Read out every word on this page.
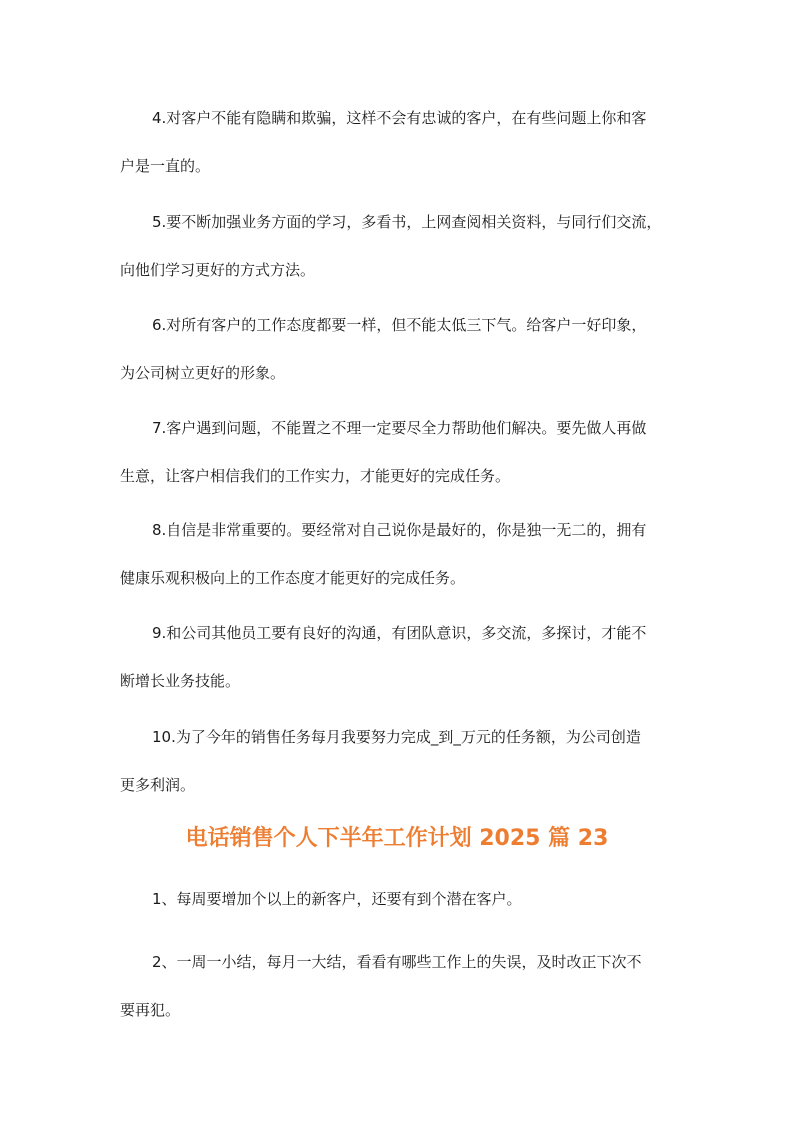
4.对客户不能有隐瞒和欺骗，这样不会有忠诚的客户，在有些问题上你和客
户是一直的。
5.要不断加强业务方面的学习，多看书，上网查阅相关资料，与同行们交流，
向他们学习更好的方式方法。
6.对所有客户的工作态度都要一样，但不能太低三下气。给客户一好印象，
为公司树立更好的形象。
7.客户遇到问题，不能置之不理一定要尽全力帮助他们解决。要先做人再做
生意，让客户相信我们的工作实力，才能更好的完成任务。
8.自信是非常重要的。要经常对自己说你是最好的，你是独一无二的，拥有
健康乐观积极向上的工作态度才能更好的完成任务。
9.和公司其他员工要有良好的沟通，有团队意识，多交流，多探讨，才能不
断增长业务技能。
10.为了今年的销售任务每月我要努力完成_到_万元的任务额，为公司创造
更多利润。
电话销售个人下半年工作计划 2025 篇 23
1、每周要增加个以上的新客户，还要有到个潜在客户。
2、一周一小结，每月一大结，看看有哪些工作上的失误，及时改正下次不
要再犯。
